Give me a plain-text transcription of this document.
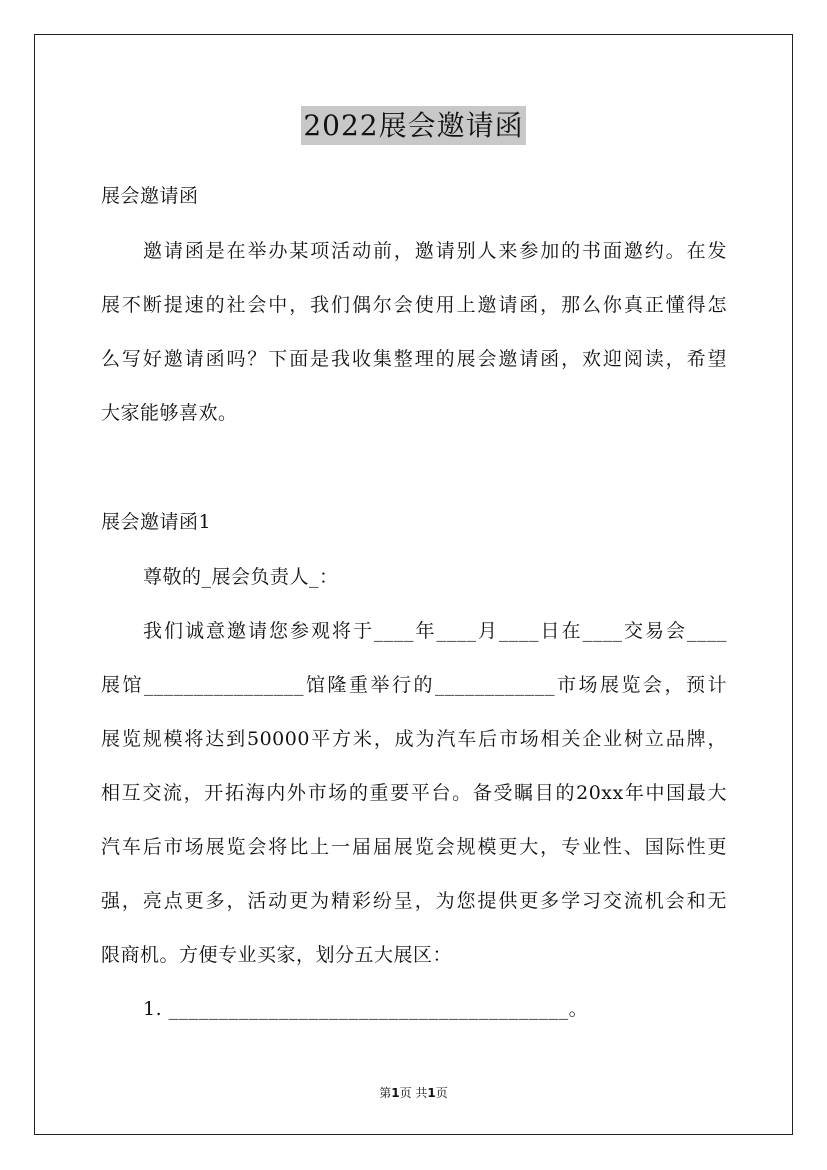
2022展会邀请函
展会邀请函
邀请函是在举办某项活动前，邀请别人来参加的书面邀约。在发
展不断提速的社会中，我们偶尔会使用上邀请函，那么你真正懂得怎
么写好邀请函吗？下面是我收集整理的展会邀请函，欢迎阅读，希望
大家能够喜欢。
展会邀请函1
尊敬的_展会负责人_：
我们诚意邀请您参观将于____年____月____日在____交易会____
展馆________________馆隆重举行的____________市场展览会，预计
展览规模将达到50000平方米，成为汽车后市场相关企业树立品牌，
相互交流，开拓海内外市场的重要平台。备受瞩目的20xx年中国最大
汽车后市场展览会将比上一届届展览会规模更大，专业性、国际性更
强，亮点更多，活动更为精彩纷呈，为您提供更多学习交流机会和无
限商机。方便专业买家，划分五大展区：
1. ________________________________________。
第1页 共1页
